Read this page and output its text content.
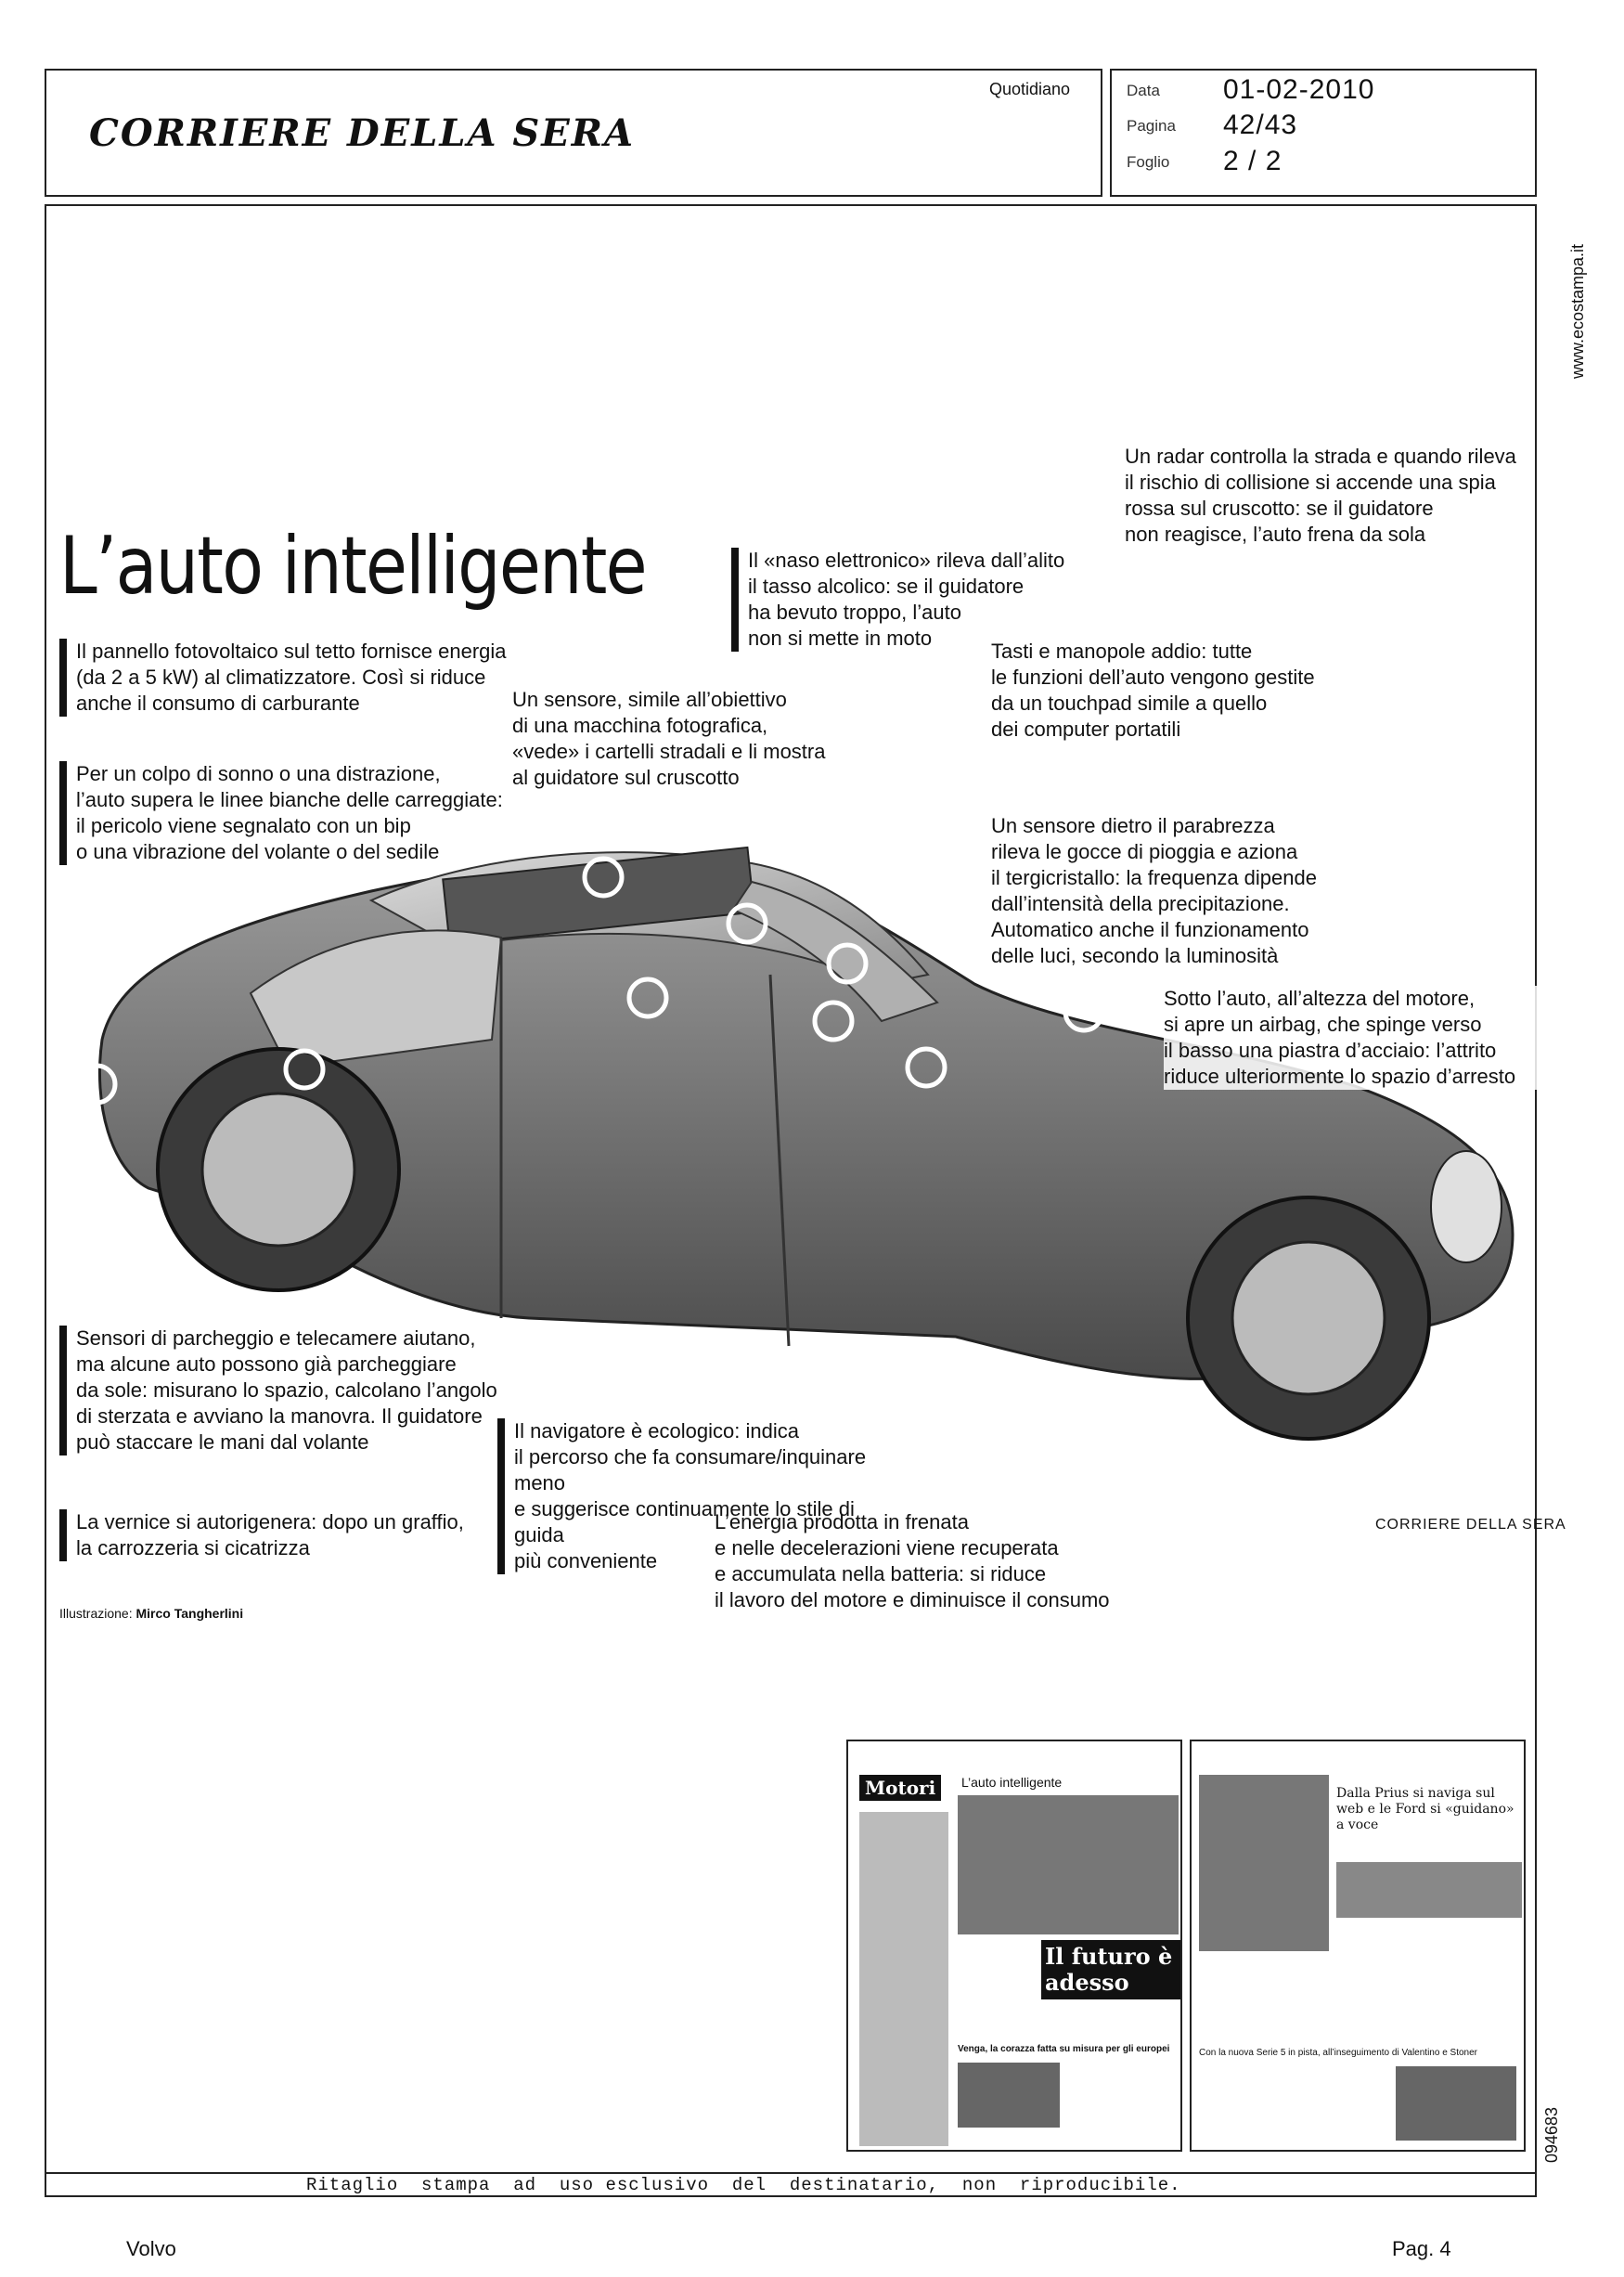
CORRIERE DELLA SERA
Quotidiano	Data 01-02-2010
Pagina 42/43
Foglio 2 / 2
www.ecostampa.it
L’auto intelligente
Il pannello fotovoltaico sul tetto fornisce energia
(da 2 a 5 kW) al climatizzatore. Così si riduce
anche il consumo di carburante
Per un colpo di sonno o una distrazione,
l’auto supera le linee bianche delle carreggiate:
il pericolo viene segnalato con un bip
o una vibrazione del volante o del sedile
Un sensore, simile all’obiettivo
di una macchina fotografica,
«vede» i cartelli stradali e li mostra
al guidatore sul cruscotto
Il «naso elettronico» rileva dall’alito
il tasso alcolico: se il guidatore
ha bevuto troppo, l’auto
non si mette in moto
Un radar controlla la strada e quando rileva
il rischio di collisione si accende una spia
rossa sul cruscotto: se il guidatore
non reagisce, l’auto frena da sola
Tasti e manopole addio: tutte
le funzioni dell’auto vengono gestite
da un touchpad simile a quello
dei computer portatili
Un sensore dietro il parabrezza
rileva le gocce di pioggia e aziona
il tergicristallo: la frequenza dipende
dall’intensità della precipitazione.
Automatico anche il funzionamento
delle luci, secondo la luminosità
Sotto l’auto, all’altezza del motore,
si apre un airbag, che spinge verso
il basso una piastra d’acciaio: l’attrito
riduce ulteriormente lo spazio d’arresto
Sensori di parcheggio e telecamere aiutano,
ma alcune auto possono già parcheggiare
da sole: misurano lo spazio, calcolano l’angolo
di sterzata e avviano la manovra. Il guidatore
può staccare le mani dal volante	Il navigatore è ecologico: indica
il percorso che fa consumare/inquinare meno
e suggerisce continuamente lo stile di guida
più conveniente
La vernice si autorigenera: dopo un graffio,
la carrozzeria si cicatrizza
L’energia prodotta in frenata
e nelle decelerazioni viene recuperata
e accumulata nella batteria: si riduce
il lavoro del motore e diminuisce il consumo
Illustrazione: Mirco Tangherlini
CORRIERE DELLA SERA
Motori	L’auto intelligente
Il futuro è adesso
Venga, la corazza fatta su misura per gli europei
Dalla Prius si naviga sul web e le Ford si «guidano» a voce
Con la nuova Serie 5 in pista, all’inseguimento di Valentino e Stoner
094683
Ritaglio  stampa  ad  uso esclusivo  del  destinatario,  non  riproducibile.
Volvo	Pag. 4
